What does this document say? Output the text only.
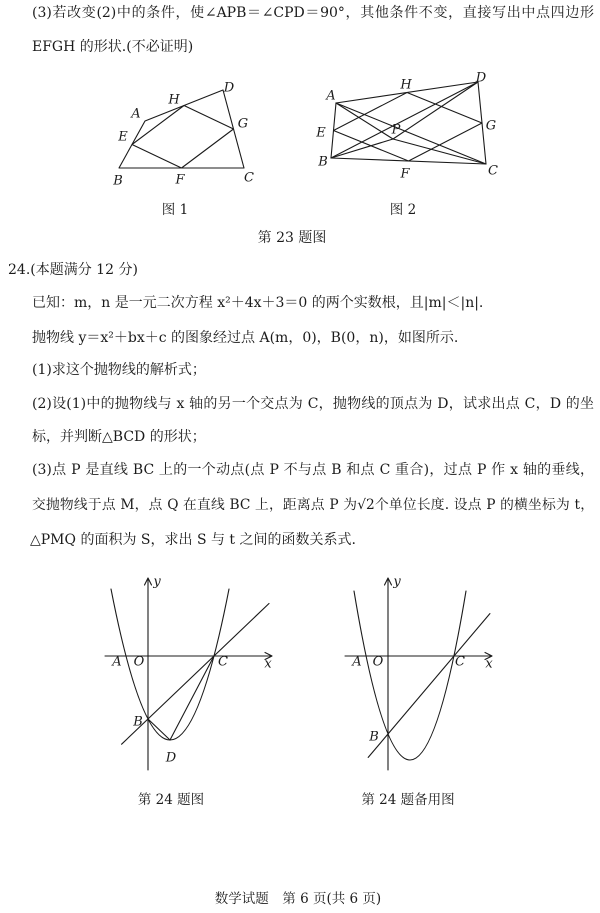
(3)若改变(2)中的条件，使∠APB＝∠CPD＝90°，其他条件不变，直接写出中点四边形
EFGH 的形状.(不必证明)
A
H
D
E
G
B	F	C
A
H	D
E	P	G
B
F	C
图 1	图 2
第 23 题图
24.(本题满分 12 分)
已知：m，n 是一元二次方程 x²＋4x＋3＝0 的两个实数根，且|m|＜|n|.
抛物线 y＝x²＋bx＋c 的图象经过点 A(m，0)，B(0，n)，如图所示.
(1)求这个抛物线的解析式；
(2)设(1)中的抛物线与 x 轴的另一个交点为 C，抛物线的顶点为 D，试求出点 C，D 的坐
标，并判断△BCD 的形状；
(3)点 P 是直线 BC 上的一个动点(点 P 不与点 B 和点 C 重合)，过点 P 作 x 轴的垂线，
交抛物线于点 M，点 Q 在直线 BC 上，距离点 P 为√2个单位长度. 设点 P 的横坐标为 t，
△PMQ 的面积为 S，求出 S 与 t 之间的函数关系式.
y
x
A O	C
B
D
y
x
A O	C
B
第 24 题图	第 24 题备用图
数学试题　第 6 页(共 6 页)
